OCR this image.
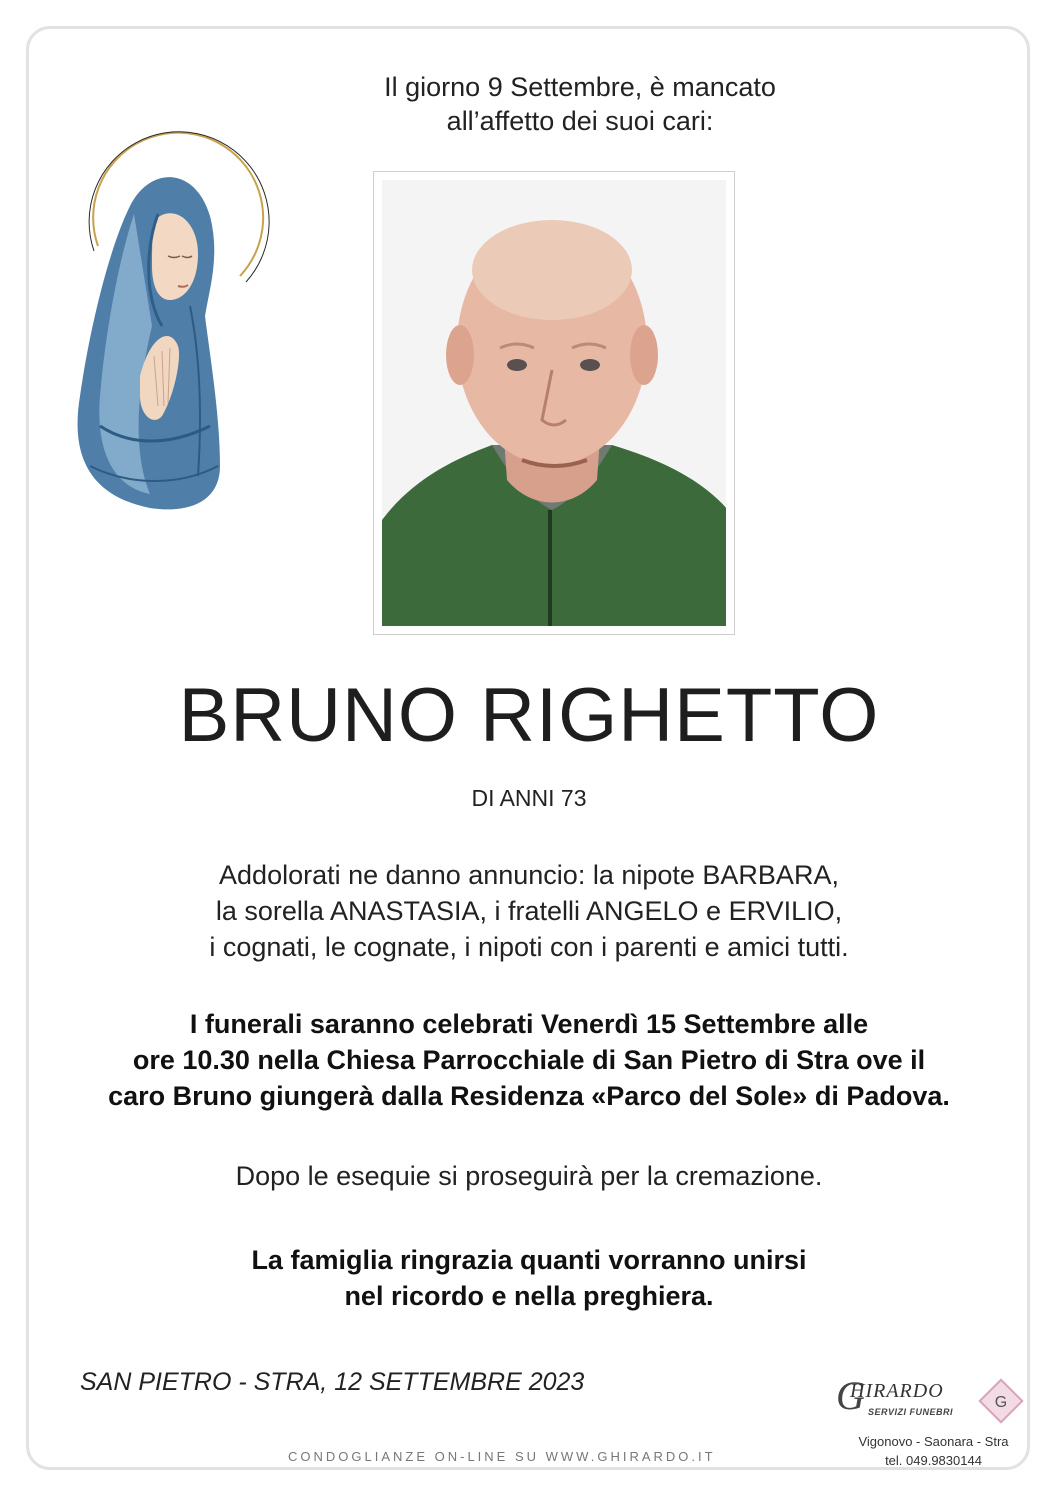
Il giorno 9 Settembre, è mancato
all’affetto dei suoi cari:
BRUNO RIGHETTO
DI ANNI 73
Addolorati ne danno annuncio: la nipote BARBARA,
la sorella ANASTASIA, i fratelli ANGELO e ERVILIO,
i cognati, le cognate, i nipoti con i parenti e amici tutti.
I funerali saranno celebrati Venerdì 15 Settembre alle
ore 10.30 nella Chiesa Parrocchiale di San Pietro di Stra ove il
caro Bruno giungerà dalla Residenza «Parco del Sole» di Padova.
Dopo le esequie si proseguirà per la cremazione.
La famiglia ringrazia quanti vorranno unirsi
nel ricordo e nella preghiera.
SAN PIETRO - STRA, 12 SETTEMBRE 2023
CONDOGLIANZE ON-LINE SU WWW.GHIRARDO.IT
G
HIRARDO
SERVIZI FUNEBRI
G
Vigonovo - Saonara - Stra
tel. 049.9830144
